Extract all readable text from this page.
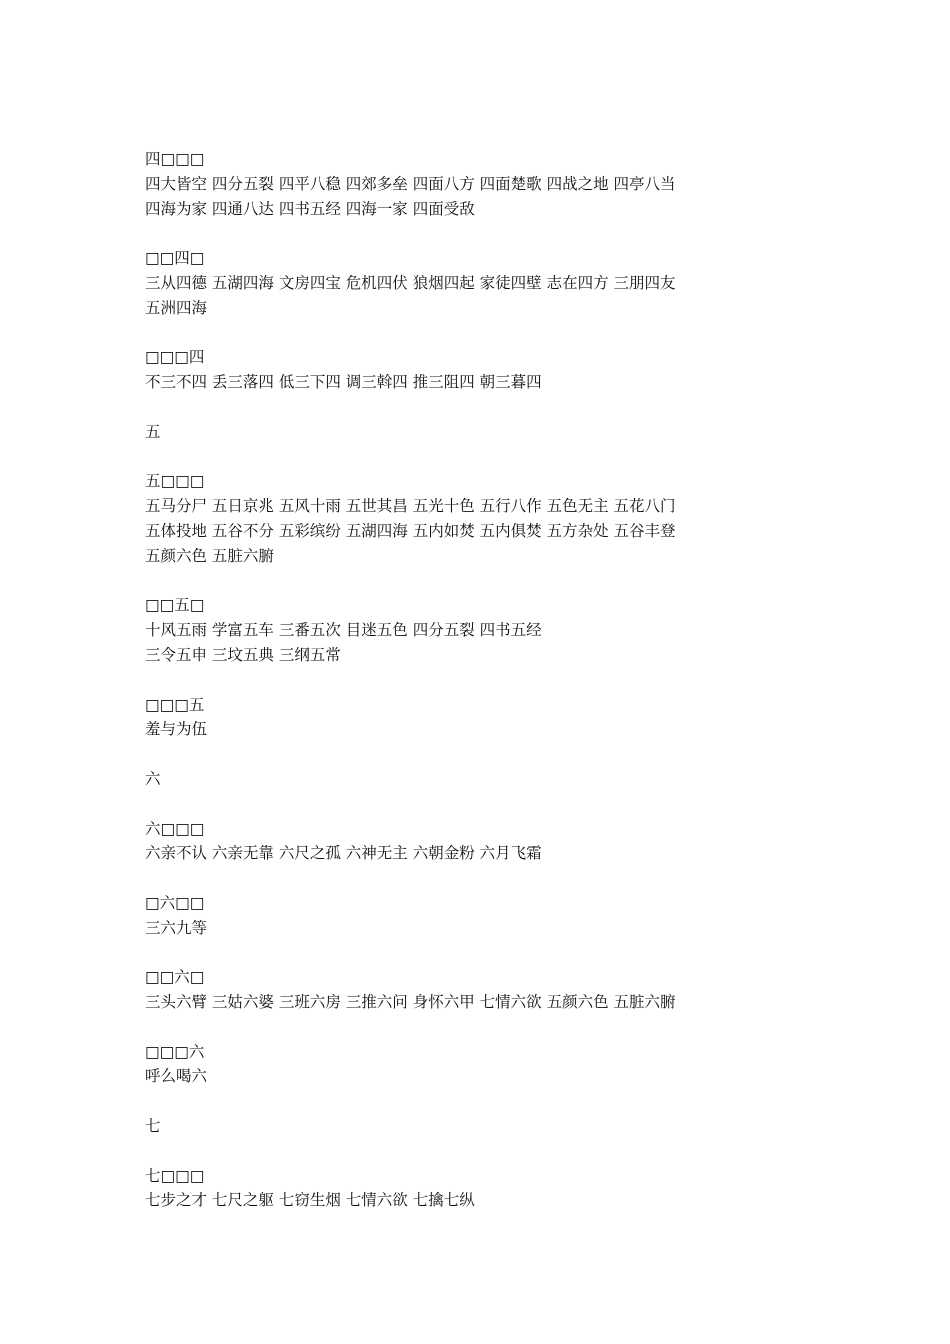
四□□□
四大皆空 四分五裂 四平八稳 四郊多垒 四面八方 四面楚歌 四战之地 四亭八当
四海为家 四通八达 四书五经 四海一家 四面受敌
□□四□
三从四德 五湖四海 文房四宝 危机四伏 狼烟四起 家徒四壁 志在四方 三朋四友
五洲四海
□□□四
不三不四 丢三落四 低三下四 调三斡四 推三阻四 朝三暮四
五
五□□□
五马分尸 五日京兆 五风十雨 五世其昌 五光十色 五行八作 五色无主 五花八门
五体投地 五谷不分 五彩缤纷 五湖四海 五内如焚 五内俱焚 五方杂处 五谷丰登
五颜六色 五脏六腑
□□五□
十风五雨 学富五车 三番五次 目迷五色 四分五裂 四书五经
三令五申 三坟五典 三纲五常
□□□五
羞与为伍
六
六□□□
六亲不认 六亲无靠 六尺之孤 六神无主 六朝金粉 六月飞霜
□六□□
三六九等
□□六□
三头六臂 三姑六婆 三班六房 三推六问 身怀六甲 七情六欲 五颜六色 五脏六腑
□□□六
呼么喝六
七
七□□□
七步之才 七尺之躯 七窃生烟 七情六欲 七擒七纵
